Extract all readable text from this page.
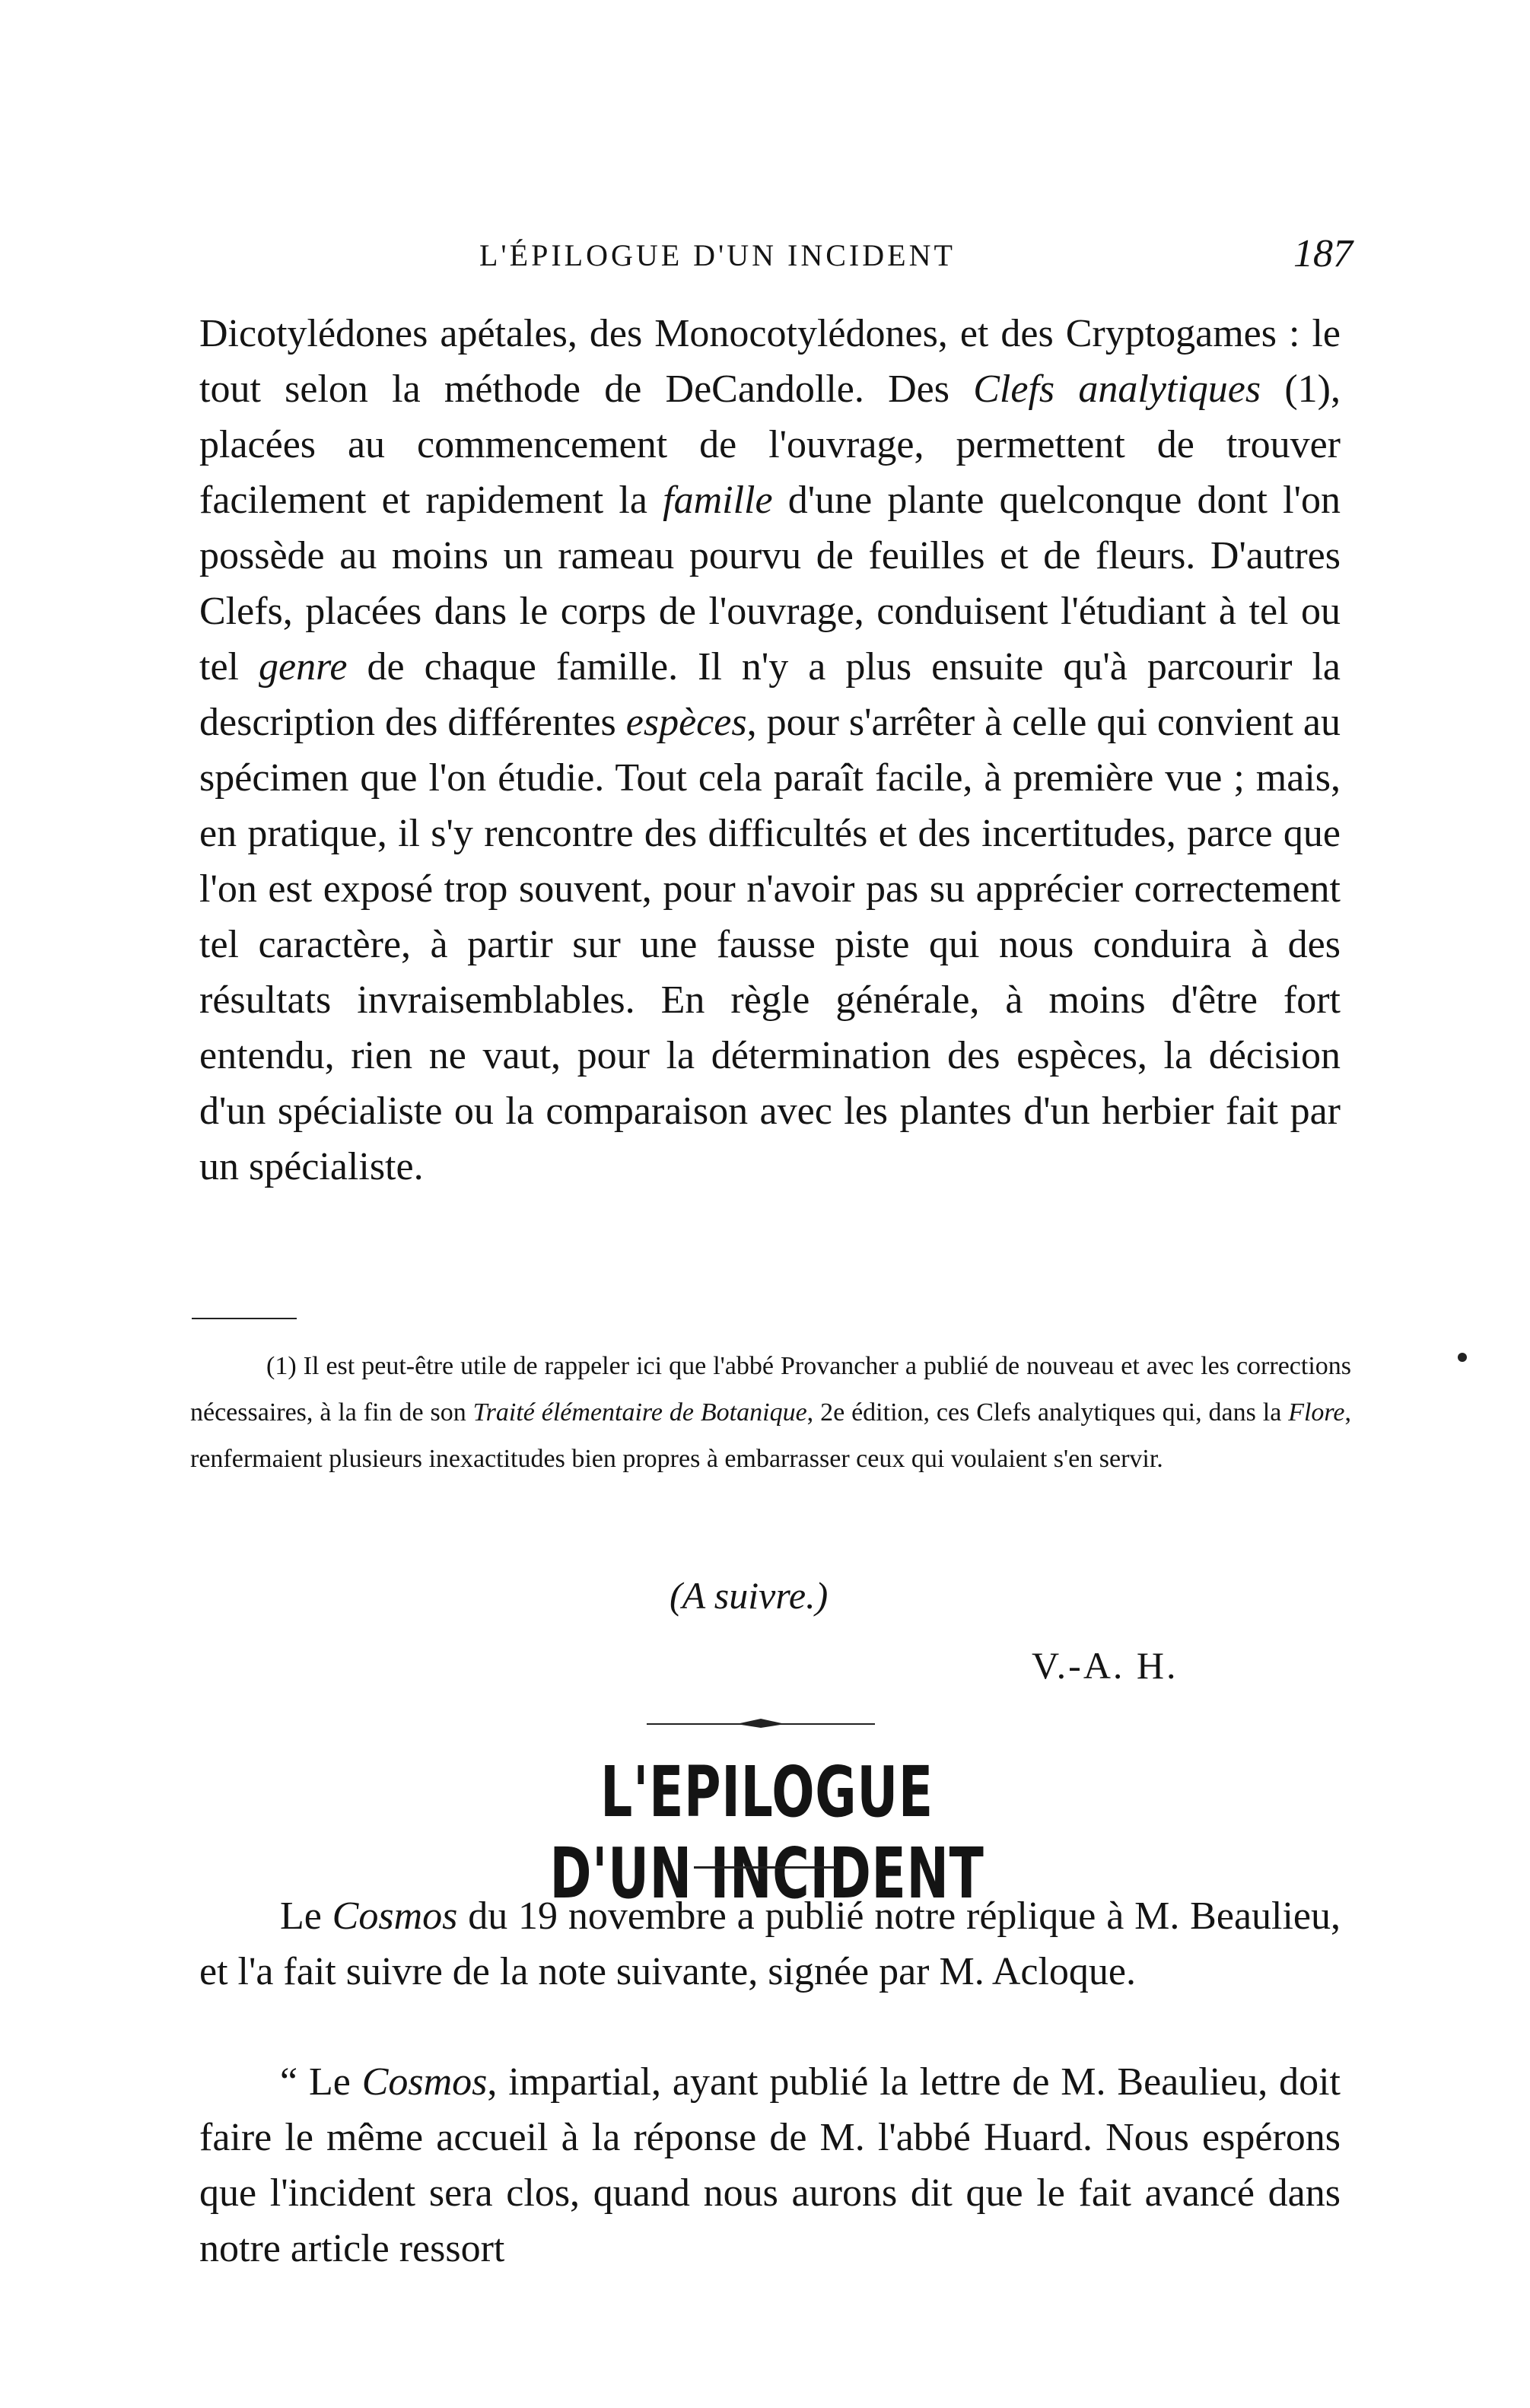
L'ÉPILOGUE D'UN INCIDENT	187

Dicotylédones apétales, des Monocotylédones, et des Cryptogames : le tout selon la méthode de DeCandolle. Des Clefs analytiques (1), placées au commencement de l'ouvrage, permettent de trouver facilement et rapidement la famille d'une plante quelconque dont l'on possède au moins un rameau pourvu de feuilles et de fleurs. D'autres Clefs, placées dans le corps de l'ouvrage, conduisent l'étudiant à tel ou tel genre de chaque famille. Il n'y a plus ensuite qu'à parcourir la description des différentes espèces, pour s'arrêter à celle qui convient au spécimen que l'on étudie. Tout cela paraît facile, à première vue ; mais, en pratique, il s'y rencontre des difficultés et des incertitudes, parce que l'on est exposé trop souvent, pour n'avoir pas su apprécier correctement tel caractère, à partir sur une fausse piste qui nous conduira à des résultats invraisemblables. En règle générale, à moins d'être fort entendu, rien ne vaut, pour la détermination des espèces, la décision d'un spécialiste ou la comparaison avec les plantes d'un herbier fait par un spécialiste.

(1) Il est peut-être utile de rappeler ici que l'abbé Provancher a publié de nouveau et avec les corrections nécessaires, à la fin de son Traité élémentaire de Botanique, 2e édition, ces Clefs analytiques qui, dans la Flore, renfermaient plusieurs inexactitudes bien propres à embarrasser ceux qui voulaient s'en servir.

(A suivre.)
V.-A. H.
L'EPILOGUE D'UN INCIDENT

Le Cosmos du 19 novembre a publié notre réplique à M. Beaulieu, et l'a fait suivre de la note suivante, signée par M. Acloque.

“ Le Cosmos, impartial, ayant publié la lettre de M. Beaulieu, doit faire le même accueil à la réponse de M. l'abbé Huard. Nous espérons que l'incident sera clos, quand nous aurons dit que le fait avancé dans notre article ressort
